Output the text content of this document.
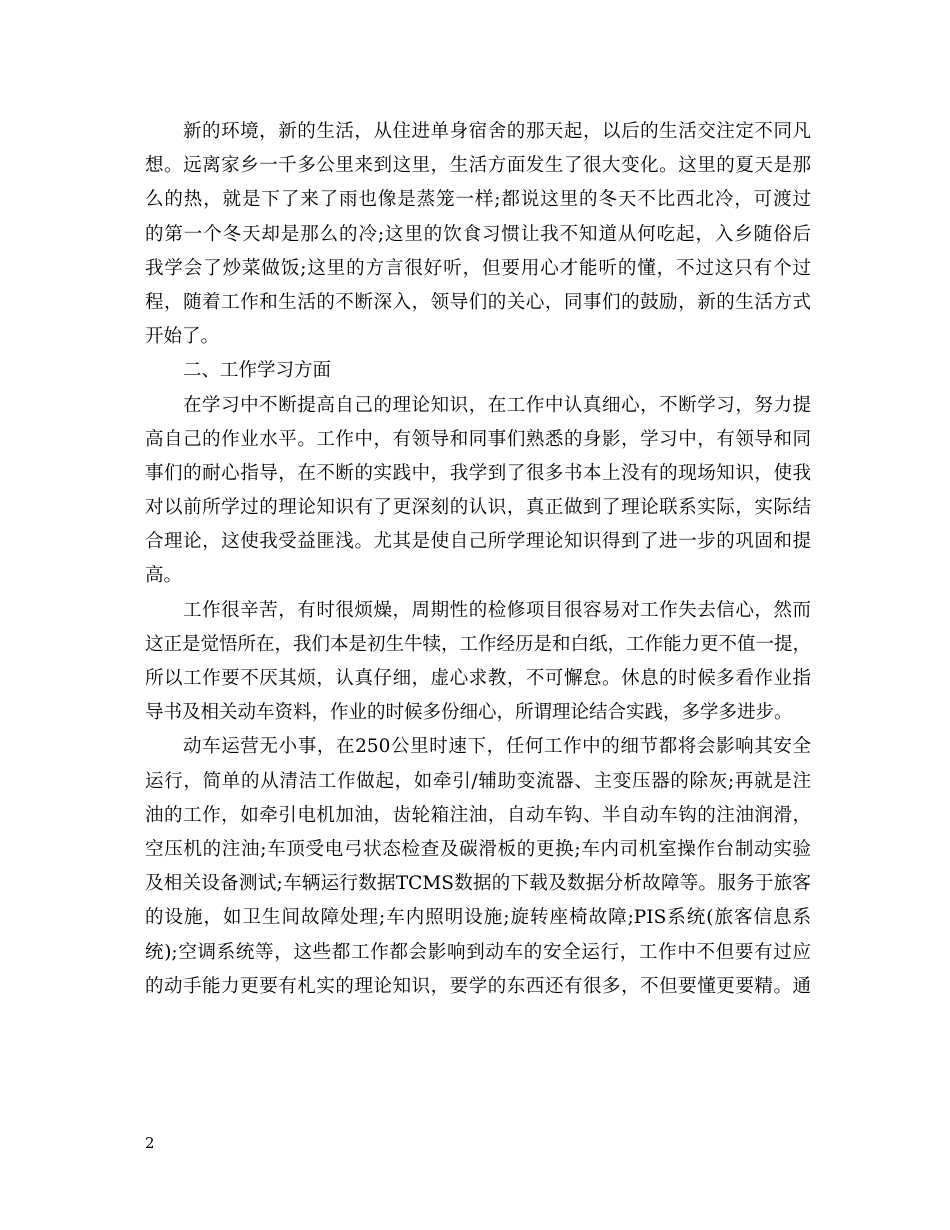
新的环境，新的生活，从住进单身宿舍的那天起，以后的生活交注定不同凡
想。远离家乡一千多公里来到这里，生活方面发生了很大变化。这里的夏天是那
么的热，就是下了来了雨也像是蒸笼一样;都说这里的冬天不比西北冷，可渡过
的第一个冬天却是那么的冷;这里的饮食习惯让我不知道从何吃起，入乡随俗后
我学会了炒菜做饭;这里的方言很好听，但要用心才能听的懂，不过这只有个过
程，随着工作和生活的不断深入，领导们的关心，同事们的鼓励，新的生活方式
开始了。
二、工作学习方面
在学习中不断提高自己的理论知识，在工作中认真细心，不断学习，努力提
高自己的作业水平。工作中，有领导和同事们熟悉的身影，学习中，有领导和同
事们的耐心指导，在不断的实践中，我学到了很多书本上没有的现场知识，使我
对以前所学过的理论知识有了更深刻的认识，真正做到了理论联系实际，实际结
合理论，这使我受益匪浅。尤其是使自己所学理论知识得到了进一步的巩固和提
高。
工作很辛苦，有时很烦燥，周期性的检修项目很容易对工作失去信心，然而
这正是觉悟所在，我们本是初生牛犊，工作经历是和白纸，工作能力更不值一提，
所以工作要不厌其烦，认真仔细，虚心求教，不可懈怠。休息的时候多看作业指
导书及相关动车资料，作业的时候多份细心，所谓理论结合实践，多学多进步。
动车运营无小事，在250公里时速下，任何工作中的细节都将会影响其安全
运行，简单的从清洁工作做起，如牵引/辅助变流器、主变压器的除灰;再就是注
油的工作，如牵引电机加油，齿轮箱注油，自动车钩、半自动车钩的注油润滑，
空压机的注油;车顶受电弓状态检查及碳滑板的更换;车内司机室操作台制动实验
及相关设备测试;车辆运行数据TCMS数据的下载及数据分析故障等。服务于旅客
的设施，如卫生间故障处理;车内照明设施;旋转座椅故障;PIS系统(旅客信息系
统);空调系统等，这些都工作都会影响到动车的安全运行，工作中不但要有过应
的动手能力更要有札实的理论知识，要学的东西还有很多，不但要懂更要精。通
2
